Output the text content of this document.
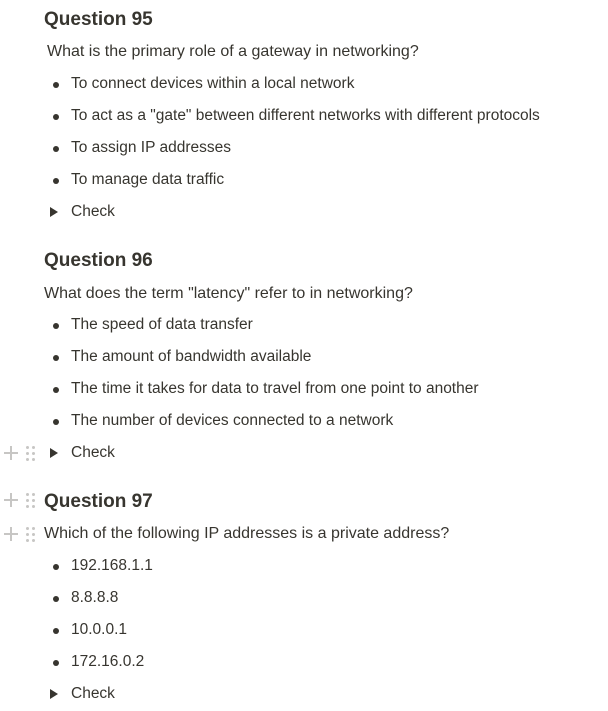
Question 95
What is the primary role of a gateway in networking?
To connect devices within a local network
To act as a "gate" between different networks with different protocols
To assign IP addresses
To manage data traffic
Check
Question 96
What does the term "latency" refer to in networking?
The speed of data transfer
The amount of bandwidth available
The time it takes for data to travel from one point to another
The number of devices connected to a network
Check
Question 97
Which of the following IP addresses is a private address?
192.168.1.1
8.8.8.8
10.0.0.1
172.16.0.2
Check
